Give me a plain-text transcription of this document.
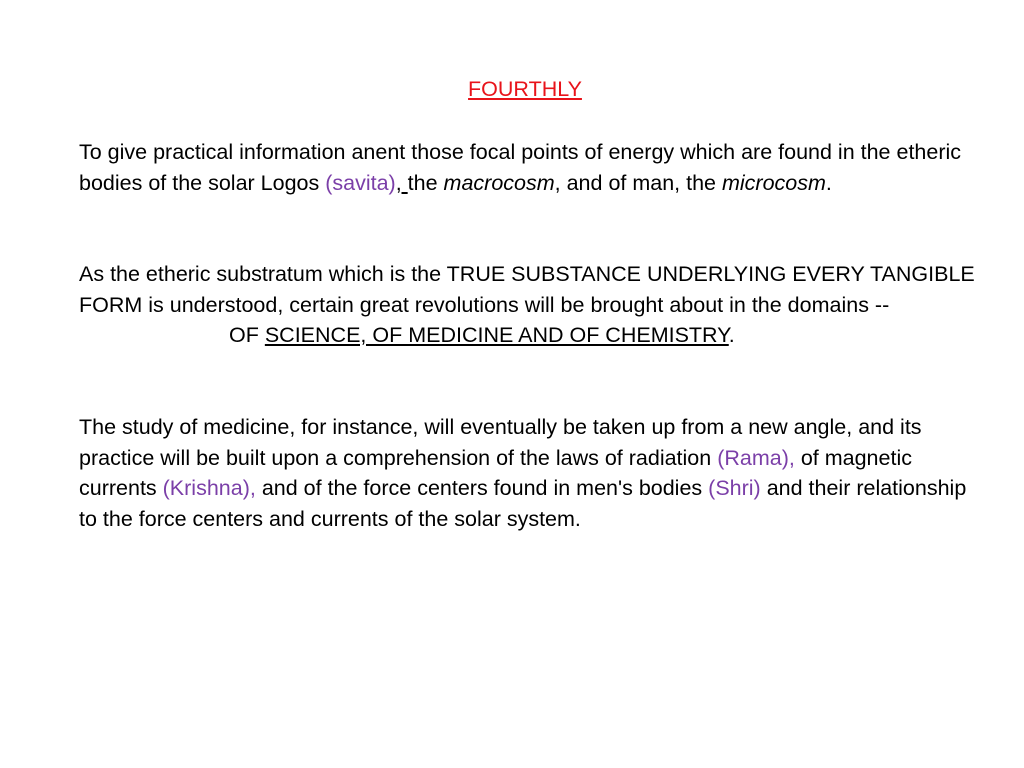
FOURTHLY

To give practical information anent those focal points of energy which are found in the etheric bodies of the solar Logos (savita), the macrocosm, and of man, the microcosm.

As the etheric substratum which is the TRUE SUBSTANCE UNDERLYING EVERY TANGIBLE FORM is understood, certain great revolutions will be brought about in the domains --
OF SCIENCE, OF MEDICINE AND OF CHEMISTRY.

The study of medicine, for instance, will eventually be taken up from a new angle, and its practice will be built upon a comprehension of the laws of radiation (Rama), of magnetic currents (Krishna), and of the force centers found in men's bodies (Shri) and their relationship to the force centers and currents of the solar system.
